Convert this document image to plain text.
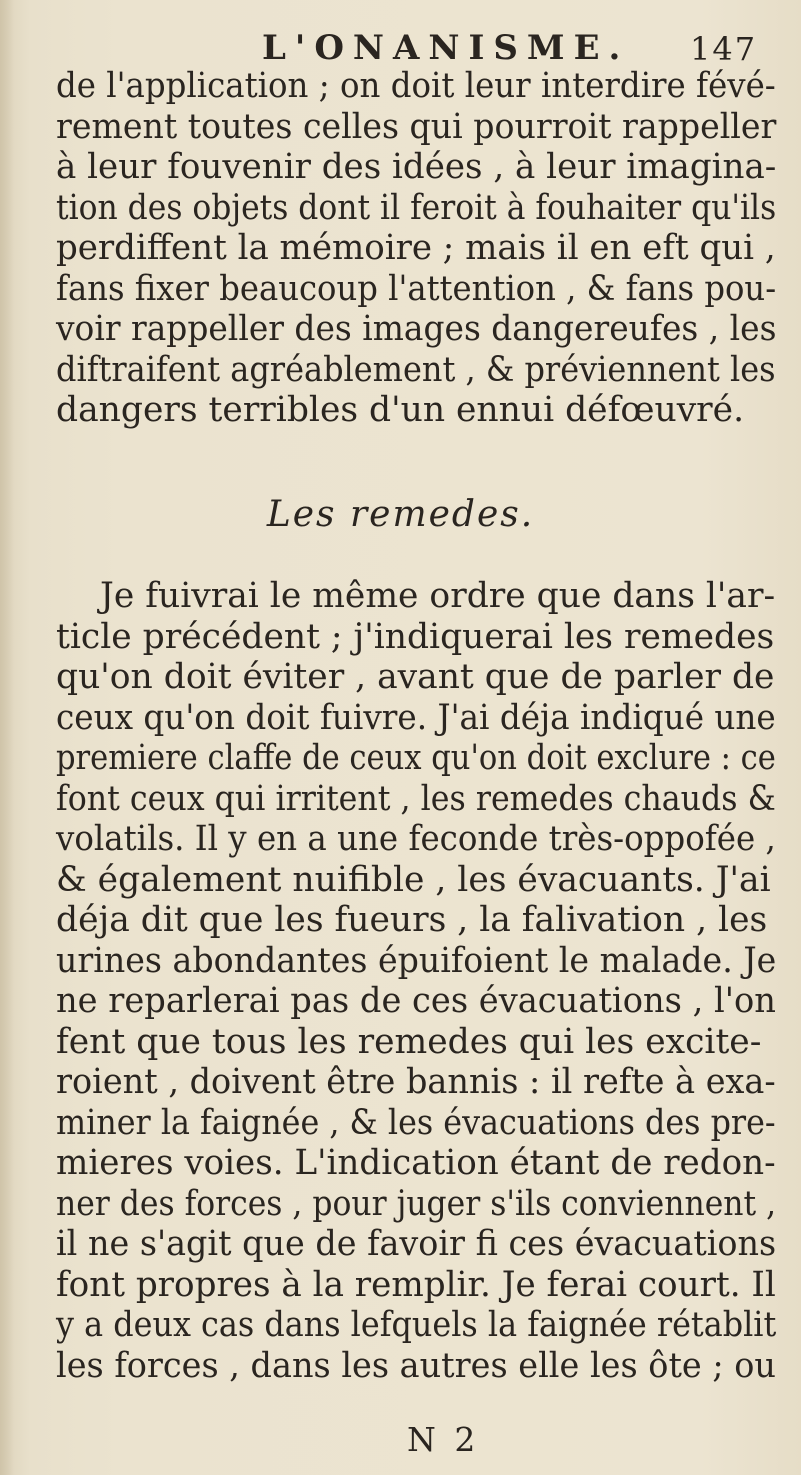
L'ONANISME. 147
de l'application ; on doit leur interdire févé-
rement toutes celles qui pourroit rappeller
à leur fouvenir des idées , à leur imagina-
tion des objets dont il feroit à fouhaiter qu'ils
perdiffent la mémoire ; mais il en eft qui ,
fans fixer beaucoup l'attention , & fans pou-
voir rappeller des images dangereufes , les
diftraifent agréablement , & préviennent les
dangers terribles d'un ennui défœuvré.
Les remedes.
Je fuivrai le même ordre que dans l'ar-
ticle précédent ; j'indiquerai les remedes
qu'on doit éviter , avant que de parler de
ceux qu'on doit fuivre. J'ai déja indiqué une
premiere claffe de ceux qu'on doit exclure : ce
font ceux qui irritent , les remedes chauds &
volatils. Il y en a une feconde très-oppofée ,
& également nuifible , les évacuants. J'ai
déja dit que les fueurs , la falivation , les
urines abondantes épuifoient le malade. Je
ne reparlerai pas de ces évacuations , l'on
fent que tous les remedes qui les excite-
roient , doivent être bannis : il refte à exa-
miner la faignée , & les évacuations des pre-
mieres voies. L'indication étant de redon-
ner des forces , pour juger s'ils conviennent ,
il ne s'agit que de favoir fi ces évacuations
font propres à la remplir. Je ferai court. Il
y a deux cas dans lefquels la faignée rétablit
les forces , dans les autres elle les ôte ; ou
N 2
